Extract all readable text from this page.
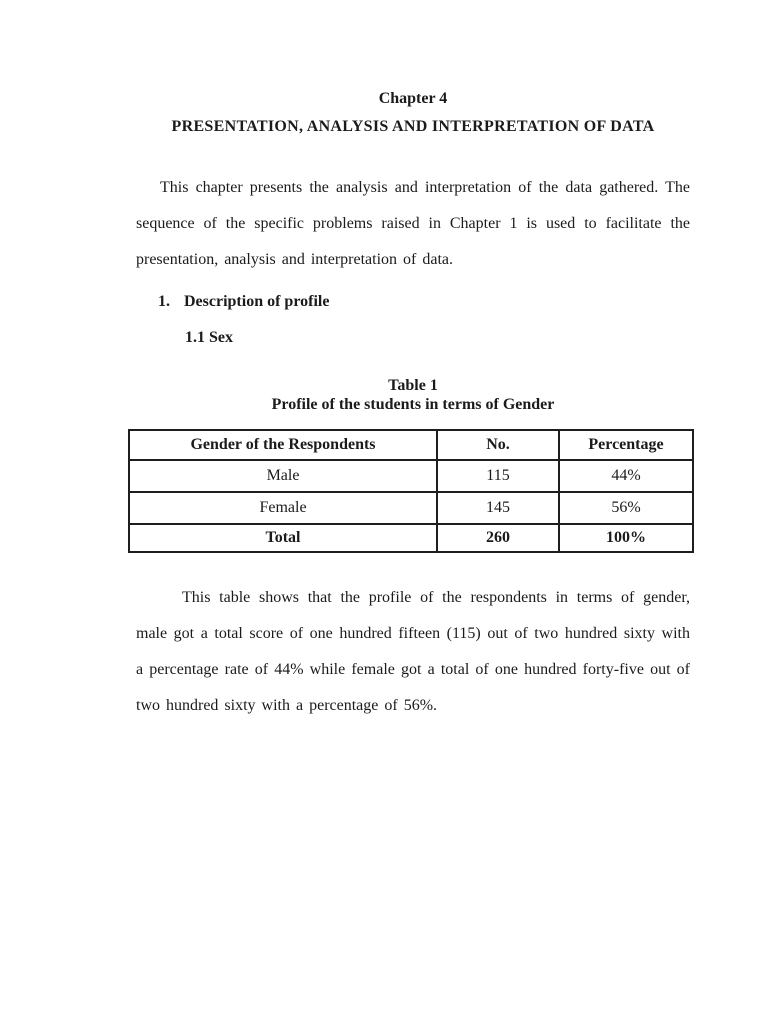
Chapter 4
PRESENTATION, ANALYSIS AND INTERPRETATION OF DATA
This chapter presents the analysis and interpretation of the data gathered. The sequence of the specific problems raised in Chapter 1 is used to facilitate the presentation, analysis and interpretation of data.
1. Description of profile
1.1 Sex
Table 1
Profile of the students in terms of Gender
Gender of the Respondents	No.	Percentage
Male	115	44%
Female	145	56%
Total	260	100%
This table shows that the profile of the respondents in terms of gender, male got a total score of one hundred fifteen (115) out of two hundred sixty with a percentage rate of 44% while female got a total of one hundred forty-five out of two hundred sixty with a percentage of 56%.
